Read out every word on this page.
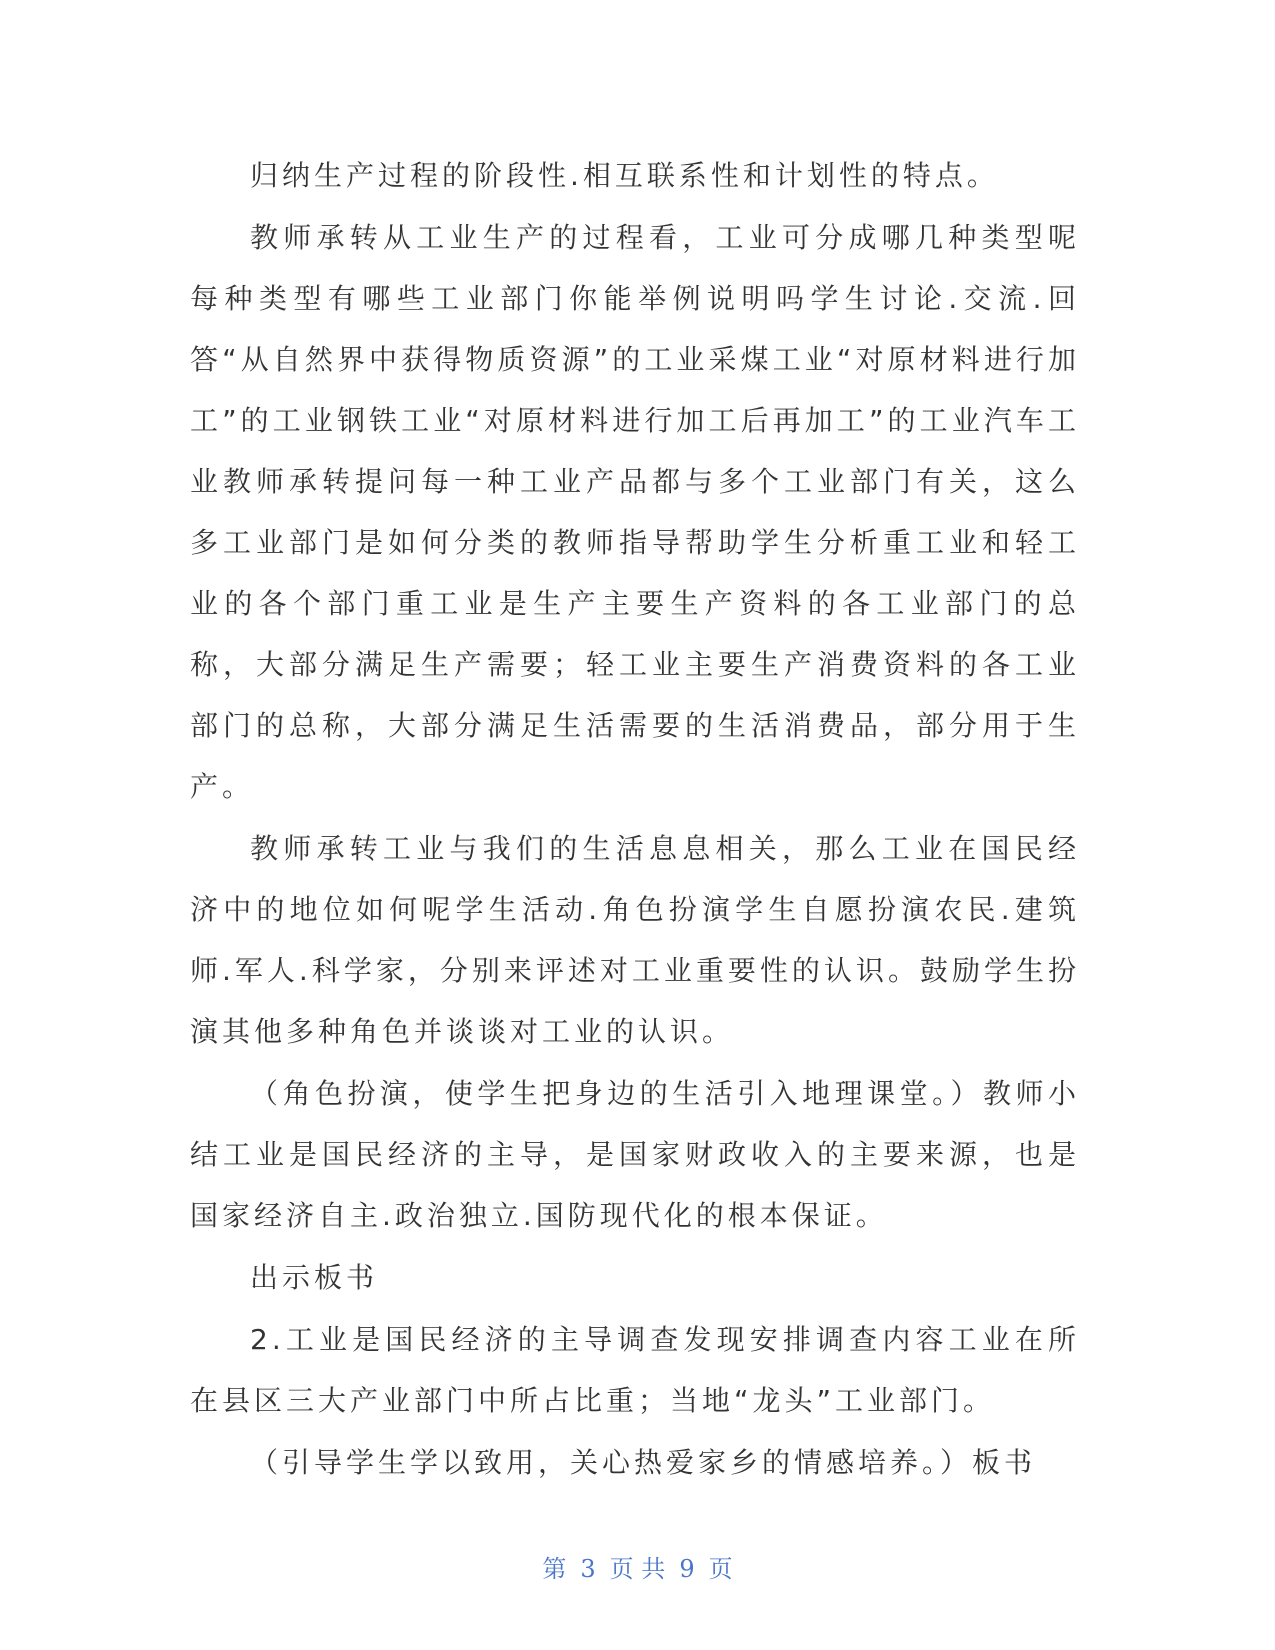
归纳生产过程的阶段性.相互联系性和计划性的特点。

教师承转从工业生产的过程看，工业可分成哪几种类型呢每种类型有哪些工业部门你能举例说明吗学生讨论.交流.回答“从自然界中获得物质资源”的工业采煤工业“对原材料进行加工”的工业钢铁工业“对原材料进行加工后再加工”的工业汽车工业教师承转提问每一种工业产品都与多个工业部门有关，这么多工业部门是如何分类的教师指导帮助学生分析重工业和轻工业的各个部门重工业是生产主要生产资料的各工业部门的总称，大部分满足生产需要；轻工业主要生产消费资料的各工业部门的总称，大部分满足生活需要的生活消费品，部分用于生产。

教师承转工业与我们的生活息息相关，那么工业在国民经济中的地位如何呢学生活动.角色扮演学生自愿扮演农民.建筑师.军人.科学家，分别来评述对工业重要性的认识。鼓励学生扮演其他多种角色并谈谈对工业的认识。

（角色扮演，使学生把身边的生活引入地理课堂。）教师小结工业是国民经济的主导，是国家财政收入的主要来源，也是国家经济自主.政治独立.国防现代化的根本保证。

出示板书

2.工业是国民经济的主导调查发现安排调查内容工业在所在县区三大产业部门中所占比重；当地“龙头”工业部门。

（引导学生学以致用，关心热爱家乡的情感培养。）板书

第 3 页 共 9 页
